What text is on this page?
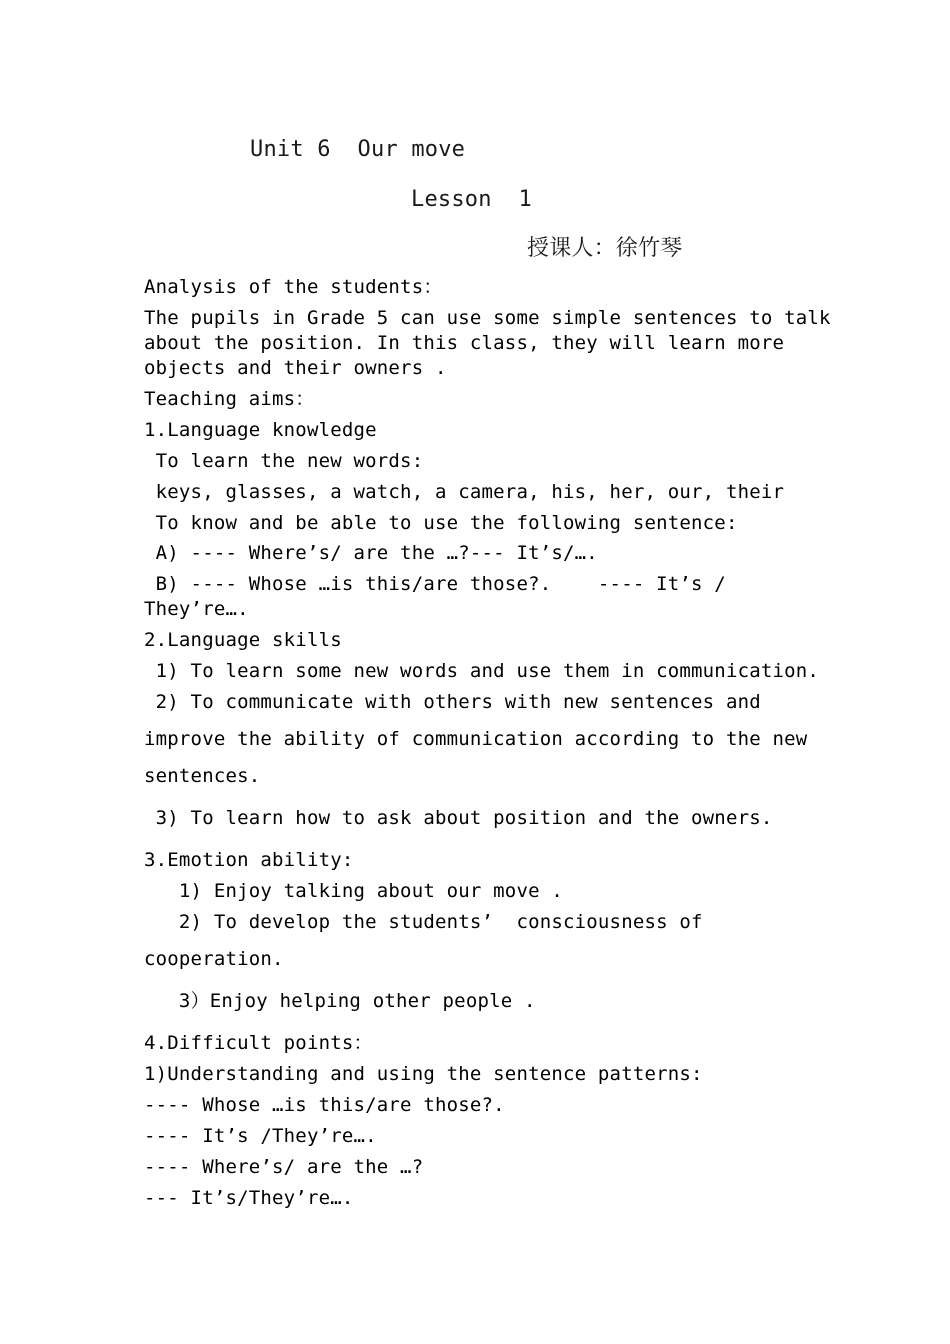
Unit 6  Our move

Lesson  1

授课人：徐竹琴

Analysis of the students：

The pupils in Grade 5 can use some simple sentences to talk

about the position. In this class, they will learn more

objects and their owners .

Teaching aims：

1.Language knowledge

To learn the new words:

keys, glasses, a watch, a camera, his, her, our, their

To know and be able to use the following sentence:

A) ---- Where’s/ are the …?--- It’s/….

B) ---- Whose …is this/are those?.    ---- It’s /

They’re….

2.Language skills

1) To learn some new words and use them in communication.

2) To communicate with others with new sentences and

improve the ability of communication according to the new

sentences.

3) To learn how to ask about position and the owners.

3.Emotion ability:

1) Enjoy talking about our move .

2) To develop the students’  consciousness of

cooperation.

3）Enjoy helping other people .

4.Difficult points：

1)Understanding and using the sentence patterns:

---- Whose …is this/are those?.

---- It’s /They’re….

---- Where’s/ are the …?

--- It’s/They’re….
